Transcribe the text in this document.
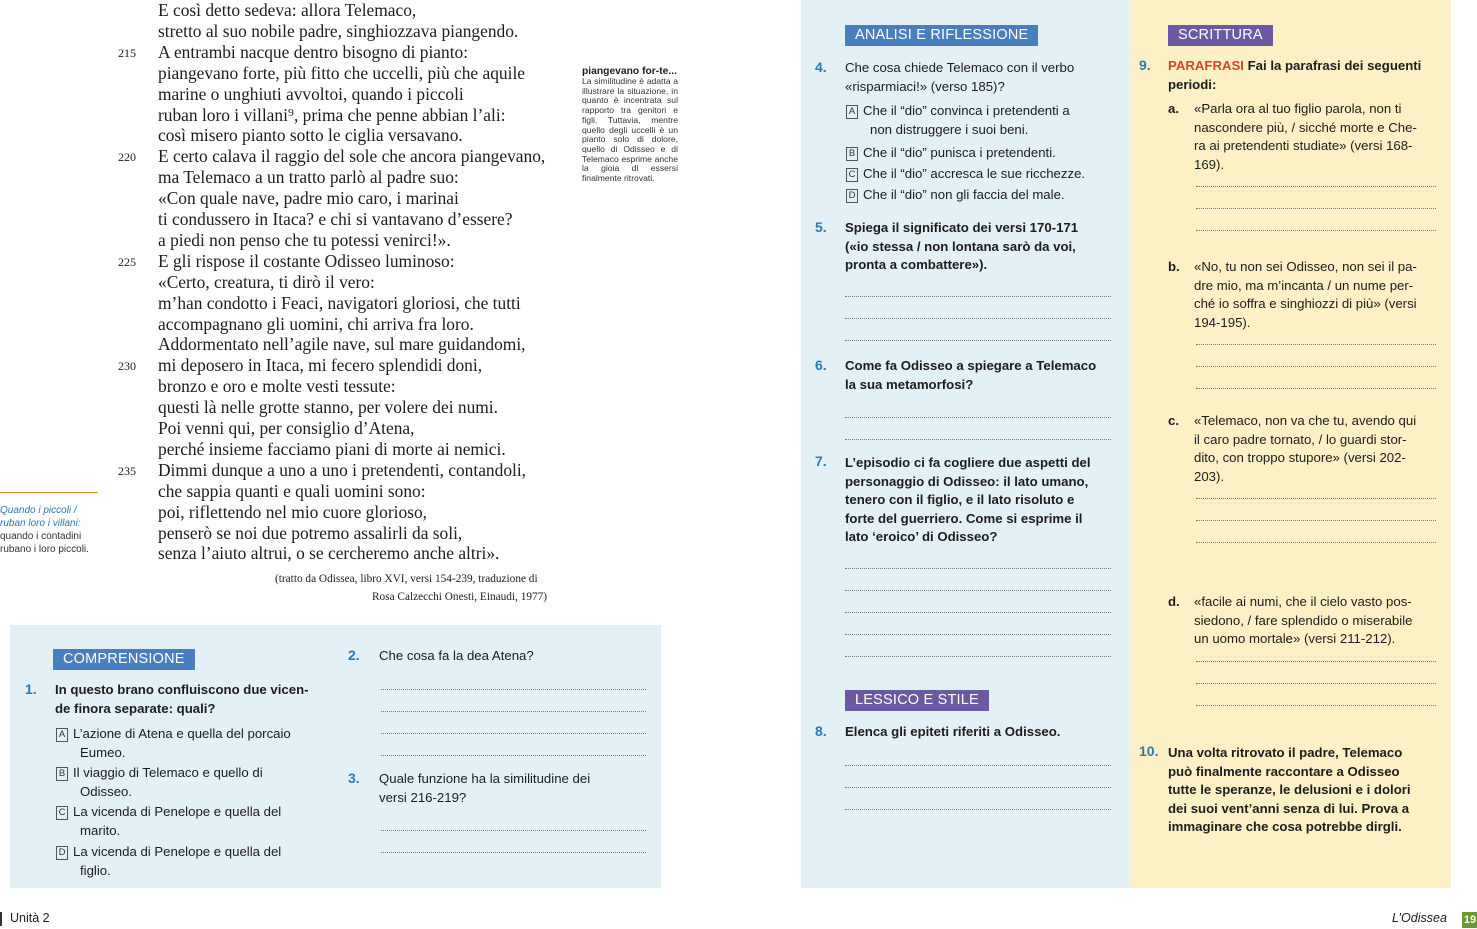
E così detto sedeva: allora Telemaco,
stretto al suo nobile padre, singhiozzava piangendo.
215	A entrambi nacque dentro bisogno di pianto:
piangevano forte, più fitto che uccelli, più che aquile
marine o unghiuti avvoltoi, quando i piccoli
ruban loro i villani⁹, prima che penne abbian l’ali:
così misero pianto sotto le ciglia versavano.
220	E certo calava il raggio del sole che ancora piangevano,
ma Telemaco a un tratto parlò al padre suo:
«Con quale nave, padre mio caro, i marinai
ti condussero in Itaca? e chi si vantavano d’essere?
a piedi non penso che tu potessi venirci!».
225	E gli rispose il costante Odisseo luminoso:
«Certo, creatura, ti dirò il vero:
m’han condotto i Feaci, navigatori gloriosi, che tutti
accompagnano gli uomini, chi arriva fra loro.
Addormentato nell’agile nave, sul mare guidandomi,
230	mi deposero in Itaca, mi fecero splendidi doni,
bronzo e oro e molte vesti tessute:
questi là nelle grotte stanno, per volere dei numi.
Poi venni qui, per consiglio d’Atena,
perché insieme facciamo piani di morte ai nemici.
235	Dimmi dunque a uno a uno i pretendenti, contandoli,
che sappia quanti e quali uomini sono:
poi, riflettendo nel mio cuore glorioso,
penserò se noi due potremo assalirli da soli,
senza l’aiuto altrui, o se cercheremo anche altri».
(tratto da Odissea, libro XVI, versi 154-239, traduzione di
Rosa Calzecchi Onesti, Einaudi, 1977)
piangevano for-te...
La similitudine è adatta a illustrare la situazione, in quanto è incentrata sul rapporto tra genitori e figli. Tuttavia, mentre quello degli uccelli è un pianto solo di dolore, quello di Odisseo e di Telemaco esprime anche la gioia di essersi finalmente ritrovati.
Quando i piccoli /
ruban loro i villani:
quando i contadini
rubano i loro piccoli.
COMPRENSIONE
1. In questo brano confluiscono due vicen-
de finora separate: quali?
A L’azione di Atena e quella del porcaio
Eumeo.
B Il viaggio di Telemaco e quello di
Odisseo.
C La vicenda di Penelope e quella del
marito.
D La vicenda di Penelope e quella del
figlio.
2. Che cosa fa la dea Atena?
3. Quale funzione ha la similitudine dei
versi 216-219?
ANALISI E RIFLESSIONE
4. Che cosa chiede Telemaco con il verbo
«risparmiaci!» (verso 185)?
A Che il “dio” convinca i pretendenti a
non distruggere i suoi beni.
B Che il “dio” punisca i pretendenti.
C Che il “dio” accresca le sue ricchezze.
D Che il “dio” non gli faccia del male.
5. Spiega il significato dei versi 170-171
(«io stessa / non lontana sarò da voi,
pronta a combattere»).
6. Come fa Odisseo a spiegare a Telemaco
la sua metamorfosi?
7. L’episodio ci fa cogliere due aspetti del
personaggio di Odisseo: il lato umano,
tenero con il figlio, e il lato risoluto e
forte del guerriero. Come si esprime il
lato ‘eroico’ di Odisseo?
LESSICO E STILE
8. Elenca gli epiteti riferiti a Odisseo.
SCRITTURA
9. PARAFRASI Fai la parafrasi dei seguenti
periodi:
a. «Parla ora al tuo figlio parola, non ti
nascondere più, / sicché morte e Che-
ra ai pretendenti studiate» (versi 168-
169).
b. «No, tu non sei Odisseo, non sei il pa-
dre mio, ma m’incanta / un nume per-
ché io soffra e singhiozzi di più» (versi
194-195).
c. «Telemaco, non va che tu, avendo qui
il caro padre tornato, / lo guardi stor-
dito, con troppo stupore» (versi 202-
203).
d. «facile ai numi, che il cielo vasto pos-
siedono, / fare splendido o miserabile
un uomo mortale» (versi 211-212).
10. Una volta ritrovato il padre, Telemaco
può finalmente raccontare a Odisseo
tutte le speranze, le delusioni e i dolori
dei suoi vent’anni senza di lui. Prova a
immaginare che cosa potrebbe dirgli.
Unità 2	L’Odissea 19
